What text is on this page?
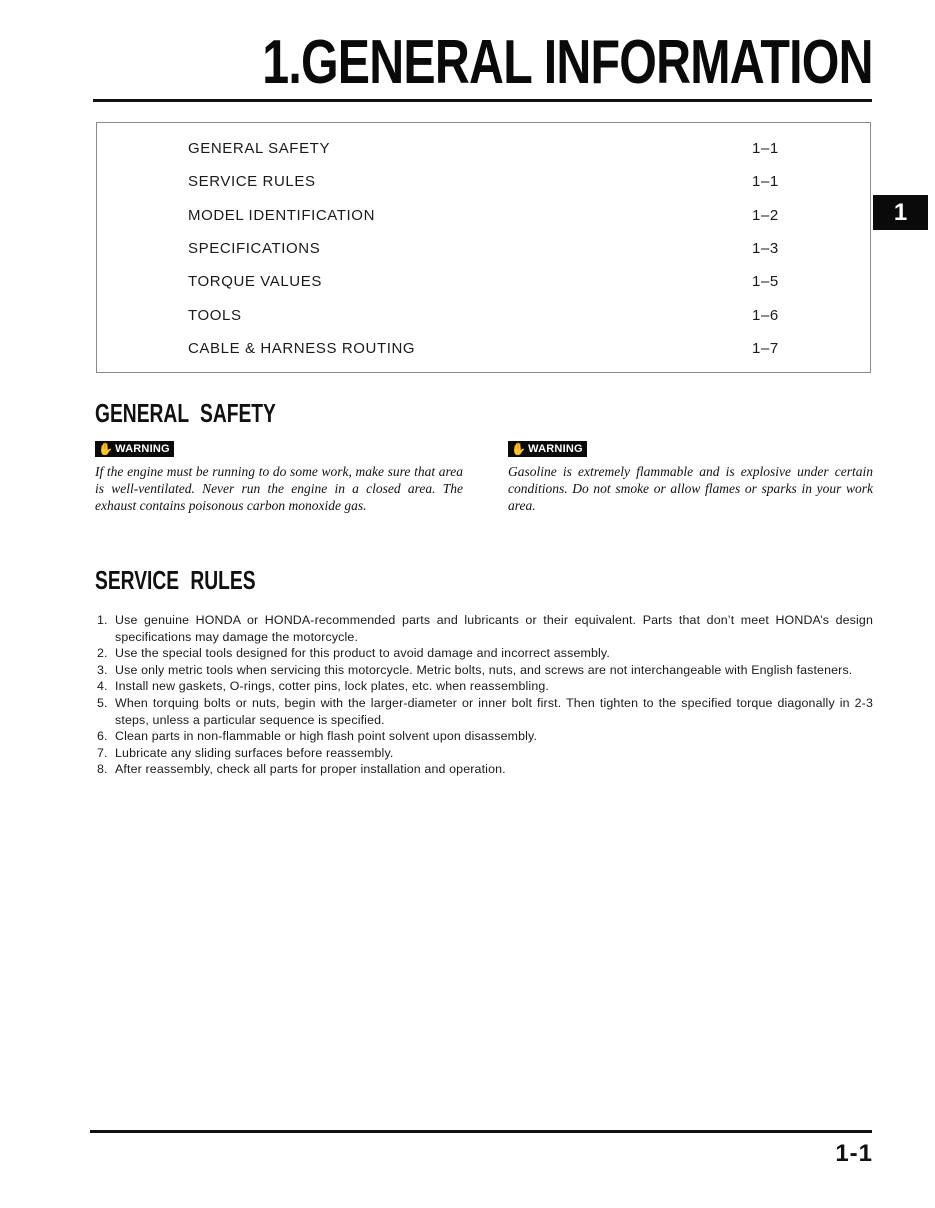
1.GENERAL INFORMATION
GENERAL SAFETY	1–1
SERVICE RULES	1–1
MODEL IDENTIFICATION	1–2
SPECIFICATIONS	1–3
TORQUE VALUES	1–5
TOOLS	1–6
CABLE & HARNESS ROUTING	1–7
1
GENERAL SAFETY
✋ WARNING
If the engine must be running to do some work, make sure that area is well-ventilated. Never run the engine in a closed area. The exhaust contains poisonous carbon monoxide gas.
✋ WARNING
Gasoline is extremely flammable and is explosive under certain conditions. Do not smoke or allow flames or sparks in your work area.
SERVICE RULES
1. Use genuine HONDA or HONDA-recommended parts and lubricants or their equivalent. Parts that don’t meet HONDA’s design specifications may damage the motorcycle.
2. Use the special tools designed for this product to avoid damage and incorrect assembly.
3. Use only metric tools when servicing this motorcycle. Metric bolts, nuts, and screws are not interchangeable with English fasteners.
4. Install new gaskets, O-rings, cotter pins, lock plates, etc. when reassembling.
5. When torquing bolts or nuts, begin with the larger-diameter or inner bolt first. Then tighten to the specified torque diagonally in 2-3 steps, unless a particular sequence is specified.
6. Clean parts in non-flammable or high flash point solvent upon disassembly.
7. Lubricate any sliding surfaces before reassembly.
8. After reassembly, check all parts for proper installation and operation.
1-1
